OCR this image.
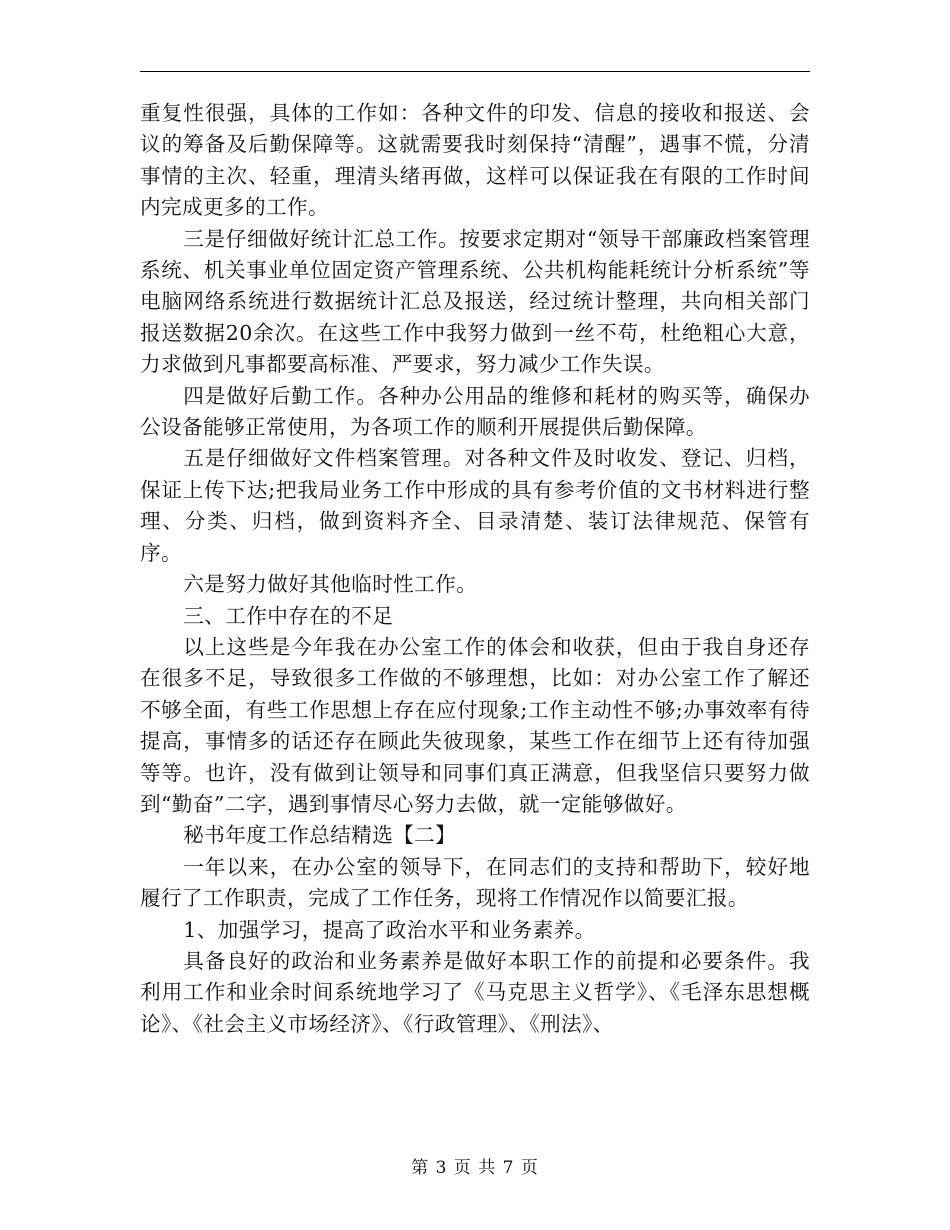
重复性很强，具体的工作如：各种文件的印发、信息的接收和报送、会议的筹备及后勤保障等。这就需要我时刻保持“清醒”，遇事不慌，分清事情的主次、轻重，理清头绪再做，这样可以保证我在有限的工作时间内完成更多的工作。

三是仔细做好统计汇总工作。按要求定期对“领导干部廉政档案管理系统、机关事业单位固定资产管理系统、公共机构能耗统计分析系统”等电脑网络系统进行数据统计汇总及报送，经过统计整理，共向相关部门报送数据20余次。在这些工作中我努力做到一丝不苟，杜绝粗心大意，力求做到凡事都要高标准、严要求，努力减少工作失误。

四是做好后勤工作。各种办公用品的维修和耗材的购买等，确保办公设备能够正常使用，为各项工作的顺利开展提供后勤保障。

五是仔细做好文件档案管理。对各种文件及时收发、登记、归档，保证上传下达;把我局业务工作中形成的具有参考价值的文书材料进行整理、分类、归档，做到资料齐全、目录清楚、装订法律规范、保管有序。

六是努力做好其他临时性工作。

三、工作中存在的不足

以上这些是今年我在办公室工作的体会和收获，但由于我自身还存在很多不足，导致很多工作做的不够理想，比如：对办公室工作了解还不够全面，有些工作思想上存在应付现象;工作主动性不够;办事效率有待提高，事情多的话还存在顾此失彼现象，某些工作在细节上还有待加强等等。也许，没有做到让领导和同事们真正满意，但我坚信只要努力做到“勤奋”二字，遇到事情尽心努力去做，就一定能够做好。

秘书年度工作总结精选【二】

一年以来，在办公室的领导下，在同志们的支持和帮助下，较好地履行了工作职责，完成了工作任务，现将工作情况作以简要汇报。

1、加强学习，提高了政治水平和业务素养。

具备良好的政治和业务素养是做好本职工作的前提和必要条件。我利用工作和业余时间系统地学习了《马克思主义哲学》、《毛泽东思想概论》、《社会主义市场经济》、《行政管理》、《刑法》、

第 3 页 共 7 页
